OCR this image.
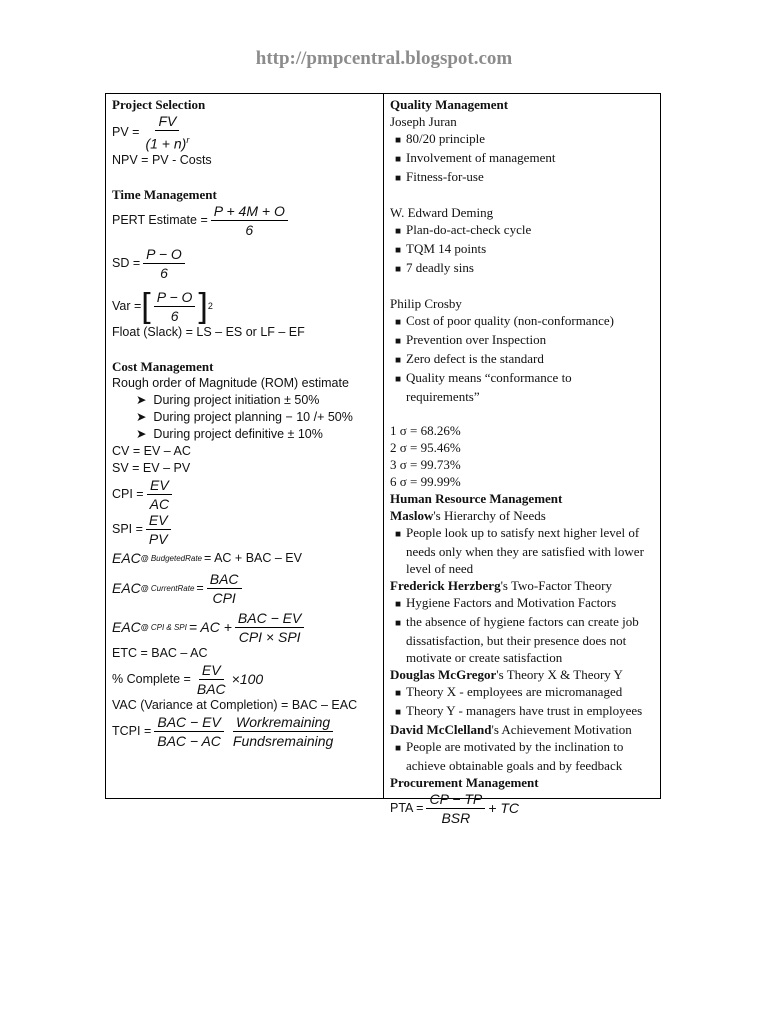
http://pmpcentral.blogspot.com
Project Selection
PV = $\frac{FV}{(1 + n)^r}$
NPV = PV - Costs
Time Management
PERT Estimate = $\frac{P + 4M + O}{6}$
SD = $\frac{P - O}{6}$
Var = [ $\frac{P - O}{6}$ ] 2
Float (Slack) = LS – ES or LF – EF
Cost Management
Rough order of Magnitude (ROM) estimate
➤  During project initiation ± 50%
➤  During project planning − 10 /+ 50%
➤  During project definitive ± 10%
CV = EV – AC
SV = EV – PV
CPI = $\frac{EV}{AC}$
SPI = $\frac{EV}{PV}$
EAC @ BudgetedRate = AC + BAC – EV
EAC @ CurrentRate = $\frac{\text{BAC}}{\text{CPI}}$
EAC @ CPI & SPI = AC + $\frac{\text{BAC − EV}}{\text{CPI × SPI}}$
ETC = BAC – AC
% Complete = $\frac{EV}{\text{BAC}} \times 100$
VAC (Variance at Completion) = BAC – EAC
TCPI = $\frac{\text{BAC − EV}}{\text{BAC − AC}} \frac{\text{Workremaining}}{\text{Fundsremaining}}$
Quality Management
Joseph Juran
■ 80/20 principle
■ Involvement of management
■ Fitness-for-use
W. Edward Deming
■ Plan-do-act-check cycle
■ TQM 14 points
■ 7 deadly sins
Philip Crosby
■ Cost of poor quality (non-conformance)
■ Prevention over Inspection
■ Zero defect is the standard
■ Quality means “conformance to requirements”
1 σ = 68.26%
2 σ = 95.46%
3 σ = 99.73%
6 σ = 99.99%
Human Resource Management
Maslow's Hierarchy of Needs
■ People look up to satisfy next higher level of needs only when they are satisfied with lower level of need
Frederick Herzberg's Two-Factor Theory
■ Hygiene Factors and Motivation Factors
■ the absence of hygiene factors can create job dissatisfaction, but their presence does not motivate or create satisfaction
Douglas McGregor's Theory X & Theory Y
■ Theory X - employees are micromanaged
■ Theory Y - managers have trust in employees
David McClelland's Achievement Motivation
■ People are motivated by the inclination to achieve obtainable goals and by feedback
Procurement Management
PTA = $\frac{CP - TP}{\text{BSR}}$ + TC
